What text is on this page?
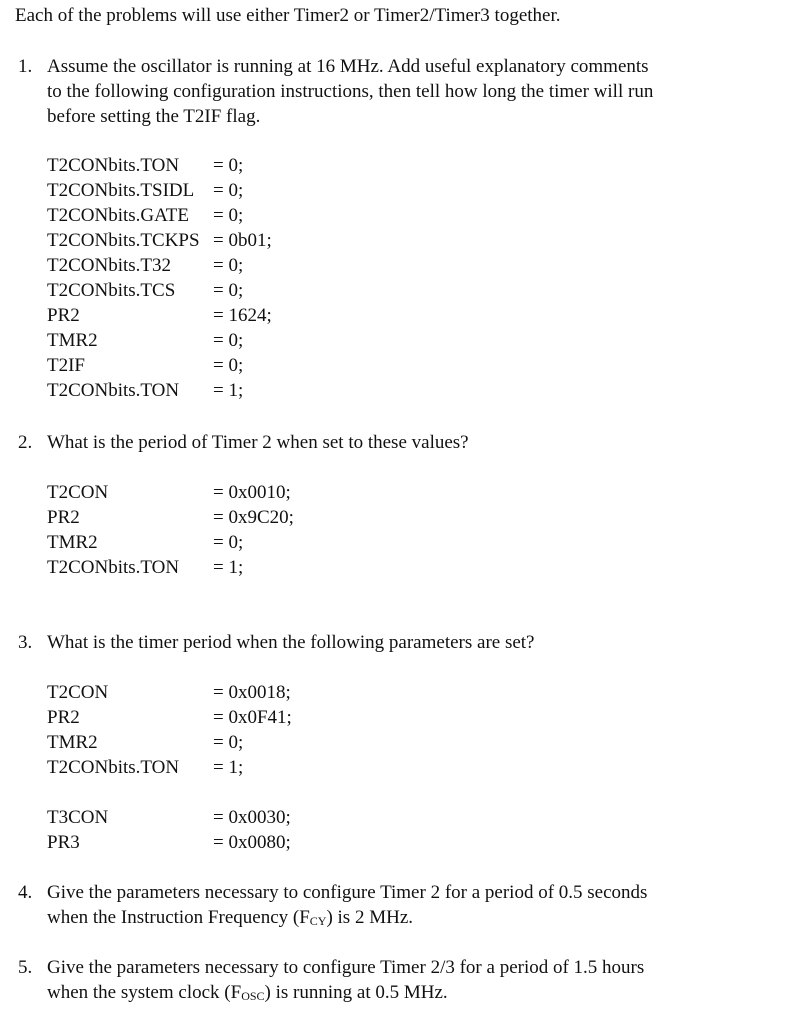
Each of the problems will use either Timer2 or Timer2/Timer3 together.
1. Assume the oscillator is running at 16 MHz. Add useful explanatory comments
to the following configuration instructions, then tell how long the timer will run
before setting the T2IF flag.
T2CONbits.TON = 0;
T2CONbits.TSIDL = 0;
T2CONbits.GATE = 0;
T2CONbits.TCKPS = 0b01;
T2CONbits.T32 = 0;
T2CONbits.TCS = 0;
PR2	= 1624;
TMR2	= 0;
T2IF	= 0;
T2CONbits.TON = 1;
2. What is the period of Timer 2 when set to these values?
T2CON	= 0x0010;
PR2	= 0x9C20;
TMR2	= 0;
T2CONbits.TON = 1;
3. What is the timer period when the following parameters are set?
T2CON	= 0x0018;
PR2	= 0x0F41;
TMR2	= 0;
T2CONbits.TON = 1;
T3CON	= 0x0030;
PR3	= 0x0080;
4. Give the parameters necessary to configure Timer 2 for a period of 0.5 seconds
when the Instruction Frequency $(F_{CY})$ is 2 MHz.
5. Give the parameters necessary to configure Timer 2/3 for a period of 1.5 hours
when the system clock $(F_{OSC})$ is running at 0.5 MHz.
